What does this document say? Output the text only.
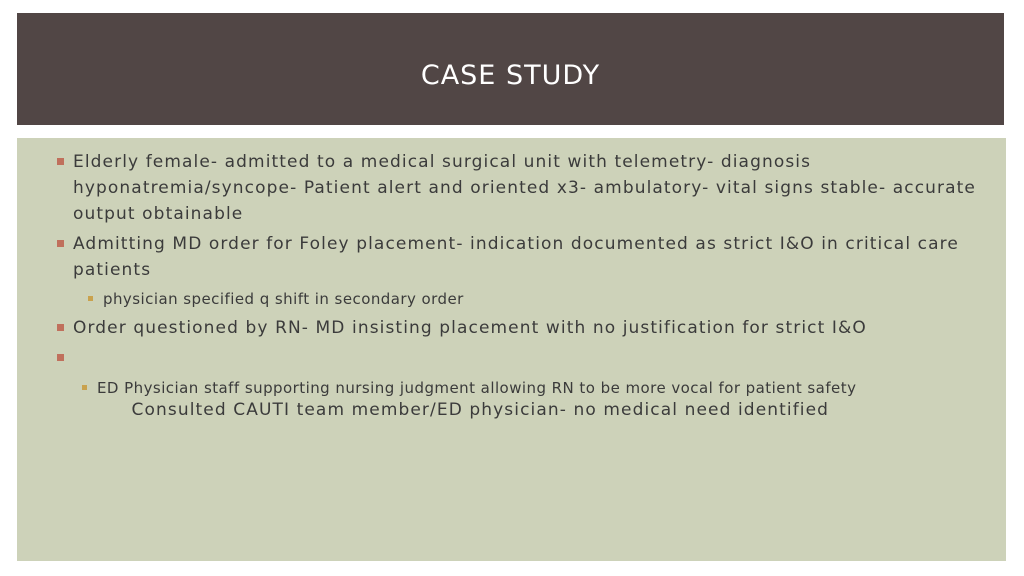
CASE STUDY
Elderly female- admitted to a medical surgical unit with telemetry- diagnosis hyponatremia/syncope- Patient alert and oriented x3- ambulatory- vital signs stable- accurate output obtainable
Admitting MD order for Foley placement- indication documented as strict I&O in critical care patients
physician specified q shift in secondary order
Order questioned by RN- MD insisting placement with no justification for strict I&O

Consulted CAUTI team member/ED physician- no medical need identified

ED Physician staff supporting nursing judgment allowing RN to be more vocal for patient safety
